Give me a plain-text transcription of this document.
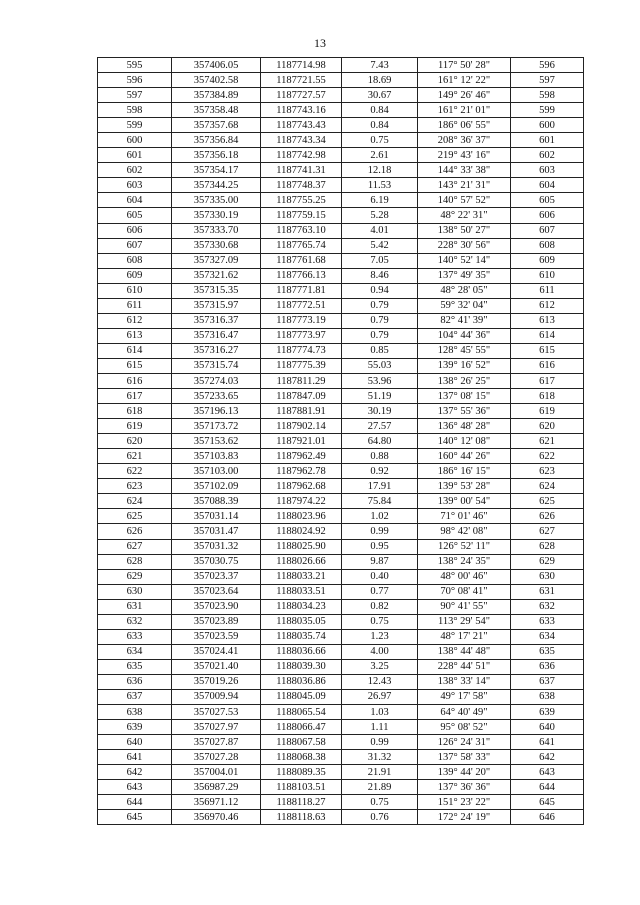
13
595	357406.05	1187714.98	7.43	117° 50' 28"	596
596	357402.58	1187721.55	18.69	161° 12' 22"	597
597	357384.89	1187727.57	30.67	149° 26' 46"	598
598	357358.48	1187743.16	0.84	161° 21' 01"	599
599	357357.68	1187743.43	0.84	186° 06' 55"	600
600	357356.84	1187743.34	0.75	208° 36' 37"	601
601	357356.18	1187742.98	2.61	219° 43' 16"	602
602	357354.17	1187741.31	12.18	144° 33' 38"	603
603	357344.25	1187748.37	11.53	143° 21' 31"	604
604	357335.00	1187755.25	6.19	140° 57' 52"	605
605	357330.19	1187759.15	5.28	48° 22' 31"	606
606	357333.70	1187763.10	4.01	138° 50' 27"	607
607	357330.68	1187765.74	5.42	228° 30' 56"	608
608	357327.09	1187761.68	7.05	140° 52' 14"	609
609	357321.62	1187766.13	8.46	137° 49' 35"	610
610	357315.35	1187771.81	0.94	48° 28' 05"	611
611	357315.97	1187772.51	0.79	59° 32' 04"	612
612	357316.37	1187773.19	0.79	82° 41' 39"	613
613	357316.47	1187773.97	0.79	104° 44' 36"	614
614	357316.27	1187774.73	0.85	128° 45' 55"	615
615	357315.74	1187775.39	55.03	139° 16' 52"	616
616	357274.03	1187811.29	53.96	138° 26' 25"	617
617	357233.65	1187847.09	51.19	137° 08' 15"	618
618	357196.13	1187881.91	30.19	137° 55' 36"	619
619	357173.72	1187902.14	27.57	136° 48' 28"	620
620	357153.62	1187921.01	64.80	140° 12' 08"	621
621	357103.83	1187962.49	0.88	160° 44' 26"	622
622	357103.00	1187962.78	0.92	186° 16' 15"	623
623	357102.09	1187962.68	17.91	139° 53' 28"	624
624	357088.39	1187974.22	75.84	139° 00' 54"	625
625	357031.14	1188023.96	1.02	71° 01' 46"	626
626	357031.47	1188024.92	0.99	98° 42' 08"	627
627	357031.32	1188025.90	0.95	126° 52' 11"	628
628	357030.75	1188026.66	9.87	138° 24' 35"	629
629	357023.37	1188033.21	0.40	48° 00' 46"	630
630	357023.64	1188033.51	0.77	70° 08' 41"	631
631	357023.90	1188034.23	0.82	90° 41' 55"	632
632	357023.89	1188035.05	0.75	113° 29' 54"	633
633	357023.59	1188035.74	1.23	48° 17' 21"	634
634	357024.41	1188036.66	4.00	138° 44' 48"	635
635	357021.40	1188039.30	3.25	228° 44' 51"	636
636	357019.26	1188036.86	12.43	138° 33' 14"	637
637	357009.94	1188045.09	26.97	49° 17' 58"	638
638	357027.53	1188065.54	1.03	64° 40' 49"	639
639	357027.97	1188066.47	1.11	95° 08' 52"	640
640	357027.87	1188067.58	0.99	126° 24' 31"	641
641	357027.28	1188068.38	31.32	137° 58' 33"	642
642	357004.01	1188089.35	21.91	139° 44' 20"	643
643	356987.29	1188103.51	21.89	137° 36' 36"	644
644	356971.12	1188118.27	0.75	151° 23' 22"	645
645	356970.46	1188118.63	0.76	172° 24' 19"	646
